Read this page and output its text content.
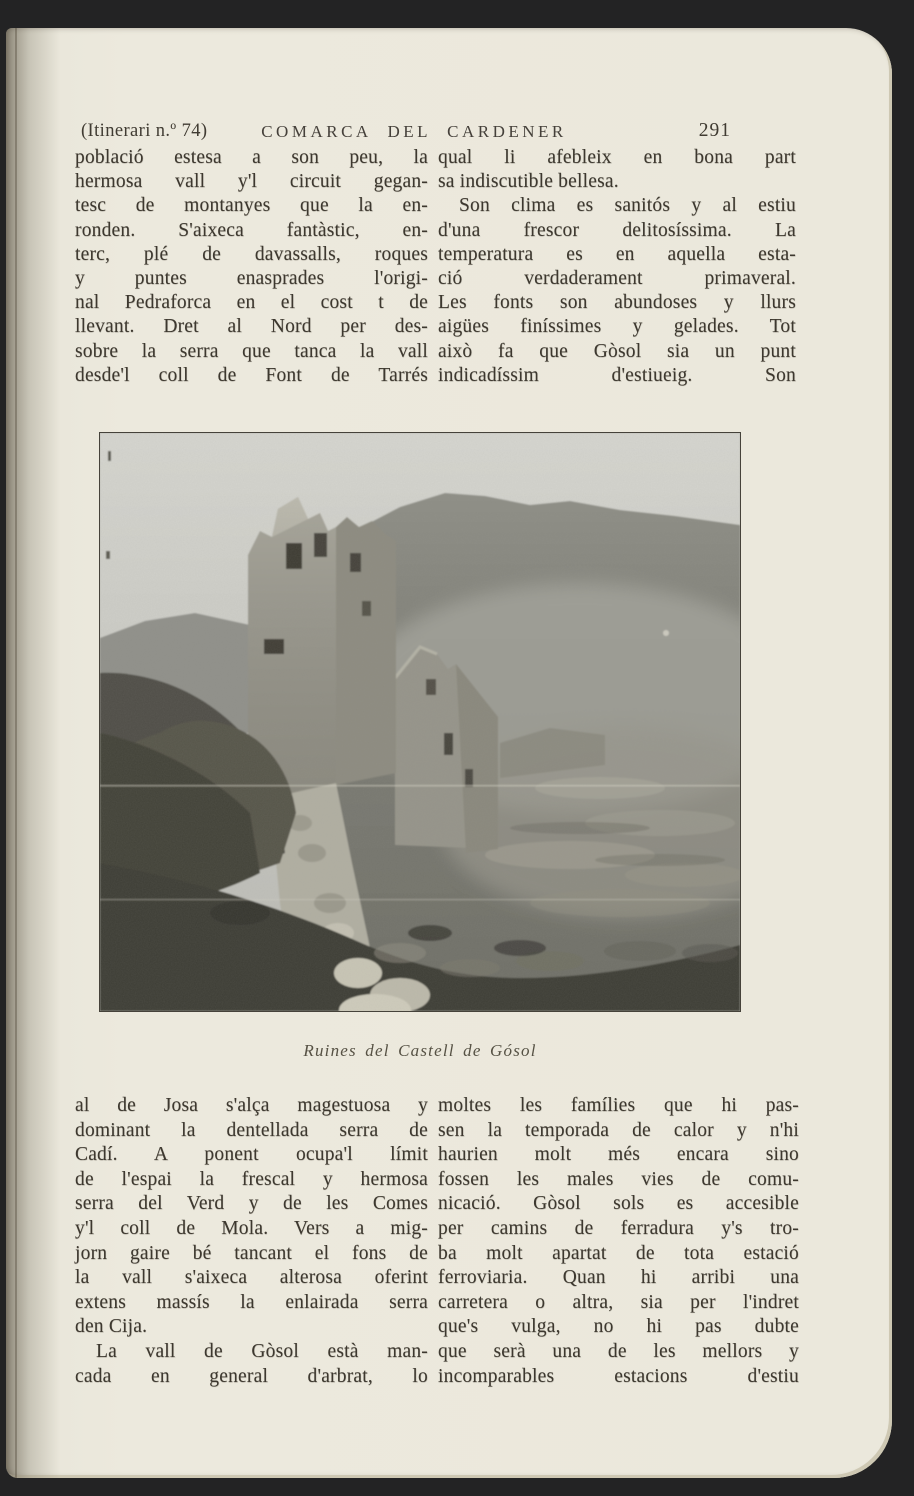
(Itinerari n.º 74)	COMARCA DEL CARDENER	291
població estesa a son peu, la
hermosa vall y'l circuit gegan-
tesc de montanyes que la en-
ronden. S'aixeca fantàstic, en-
terc, plé de davassalls, roques
y puntes enasprades l'origi-
nal Pedraforca en el cost t de
llevant. Dret al Nord per des-
sobre la serra que tanca la vall
desde'l coll de Font de Tarrés
qual li afebleix en bona part
sa indiscutible bellesa.
Son clima es sanitós y al estiu
d'una frescor delitosíssima. La
temperatura es en aquella esta-
ció verdaderament primaveral.
Les fonts son abundoses y llurs
aigües finíssimes y gelades. Tot
això fa que Gòsol sia un punt
indicadíssim d'estiueig. Son
Ruines del Castell de Gósol
al de Josa s'alça magestuosa y
dominant la dentellada serra de
Cadí. A ponent ocupa'l límit
de l'espai la frescal y hermosa
serra del Verd y de les Comes
y'l coll de Mola. Vers a mig-
jorn gaire bé tancant el fons de
la vall s'aixeca alterosa oferint
extens massís la enlairada serra
den Cija.
La vall de Gòsol està man-
cada en general d'arbrat, lo
moltes les famílies que hi pas-
sen la temporada de calor y n'hi
haurien molt més encara sino
fossen les males vies de comu-
nicació. Gòsol sols es accesible
per camins de ferradura y's tro-
ba molt apartat de tota estació
ferroviaria. Quan hi arribi una
carretera o altra, sia per l'indret
que's vulga, no hi pas dubte
que serà una de les mellors y
incomparables estacions d'estiu
